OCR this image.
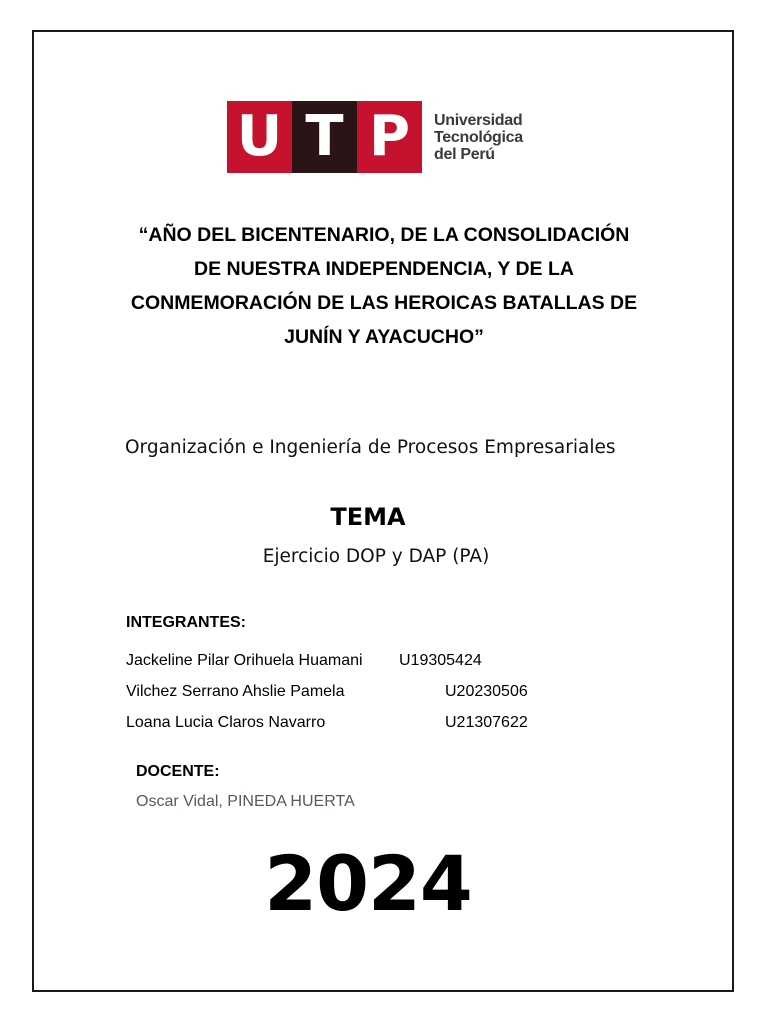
U T P	Universidad
Tecnológica
del Perú
“AÑO DEL BICENTENARIO, DE LA CONSOLIDACIÓN
DE NUESTRA INDEPENDENCIA, Y DE LA
CONMEMORACIÓN DE LAS HEROICAS BATALLAS DE
JUNÍN Y AYACUCHO”
Organización e Ingeniería de Procesos Empresariales
TEMA
Ejercicio DOP y DAP (PA)
INTEGRANTES:
Jackeline Pilar Orihuela Huamani U19305424
Vilchez Serrano Ahslie Pamela	U20230506
Loana Lucia Claros Navarro	U21307622
DOCENTE:
Oscar Vidal, PINEDA HUERTA
2024
